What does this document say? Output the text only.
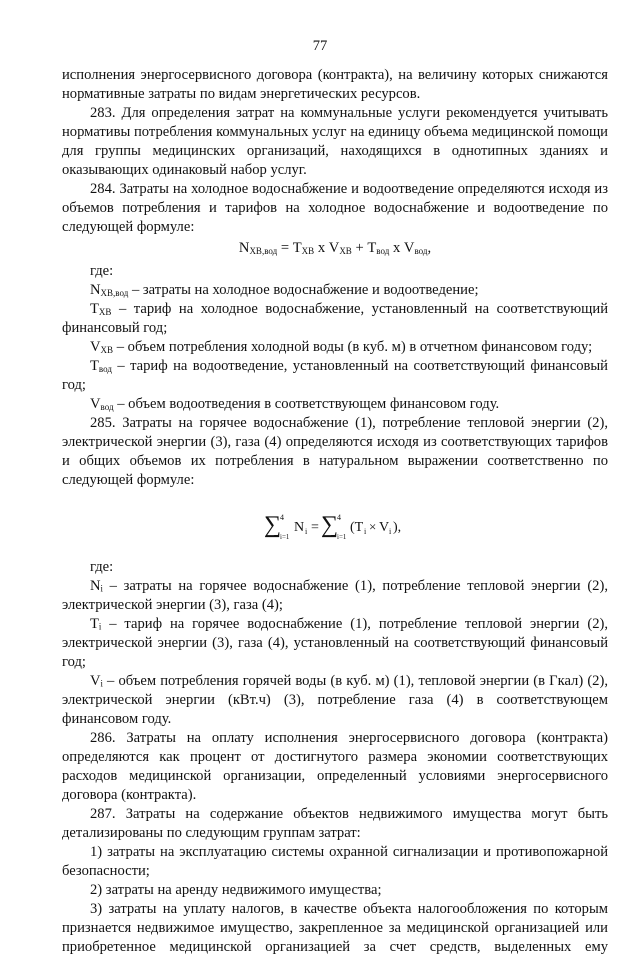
77

исполнения энергосервисного договора (контракта), на величину которых снижаются

нормативные затраты по видам энергетических ресурсов.

283. Для определения затрат на коммунальные услуги рекомендуется учитывать нормативы потребления коммунальных услуг на единицу объема медицинской помощи для группы медицинских организаций, находящихся в однотипных зданиях и оказывающих одинаковый набор услуг.

284. Затраты на холодное водоснабжение и водоотведение определяются исходя из объемов потребления и тарифов на холодное водоснабжение и водоотведение по следующей формуле:

$N_{ХВ,вод} = T_{ХВ}$ х $V_{ХВ} + T_{вод}$ х $V_{вод}$,

где:

$N_{ХВ,вод}$ – затраты на холодное водоснабжение и водоотведение;

$T_{ХВ}$ – тариф на холодное водоснабжение, установленный на соответствующий финансовый год;

$V_{ХВ}$ – объем потребления холодной воды (в куб. м) в отчетном финансовом году;

$T_{вод}$ – тариф на водоотведение, установленный на соответствующий финансовый год;

$V_{вод}$ – объем водоотведения в соответствующем финансовом году.

285. Затраты на горячее водоснабжение (1), потребление тепловой энергии (2), электрической энергии (3), газа (4) определяются исходя из соответствующих тарифов и общих объемов их потребления в натуральном выражении соответственно по следующей формуле:

∑
4
i=1
N i = ∑
4
i=1
(T i × V i ),

где:

Nᵢ – затраты на горячее водоснабжение (1), потребление тепловой энергии (2), электрической энергии (3), газа (4);

Tᵢ – тариф на горячее водоснабжение (1), потребление тепловой энергии (2), электрической энергии (3), газа (4), установленный на соответствующий финансовый год;

Vᵢ – объем потребления горячей воды (в куб. м) (1), тепловой энергии (в Гкал) (2), электрической энергии (кВт.ч) (3), потребление газа (4) в соответствующем финансовом году.

286. Затраты на оплату исполнения энергосервисного договора (контракта) определяются как процент от достигнутого размера экономии соответствующих расходов медицинской организации, определенный условиями энергосервисного договора (контракта).

287. Затраты на содержание объектов недвижимого имущества могут быть детализированы по следующим группам затрат:

1) затраты на эксплуатацию системы охранной сигнализации и противопожарной безопасности;

2) затраты на аренду недвижимого имущества;

3) затраты на уплату налогов, в качестве объекта налогообложения по которым признается недвижимое имущество, закрепленное за медицинской организацией или приобретенное медицинской организацией за счет средств, выделенных ему
